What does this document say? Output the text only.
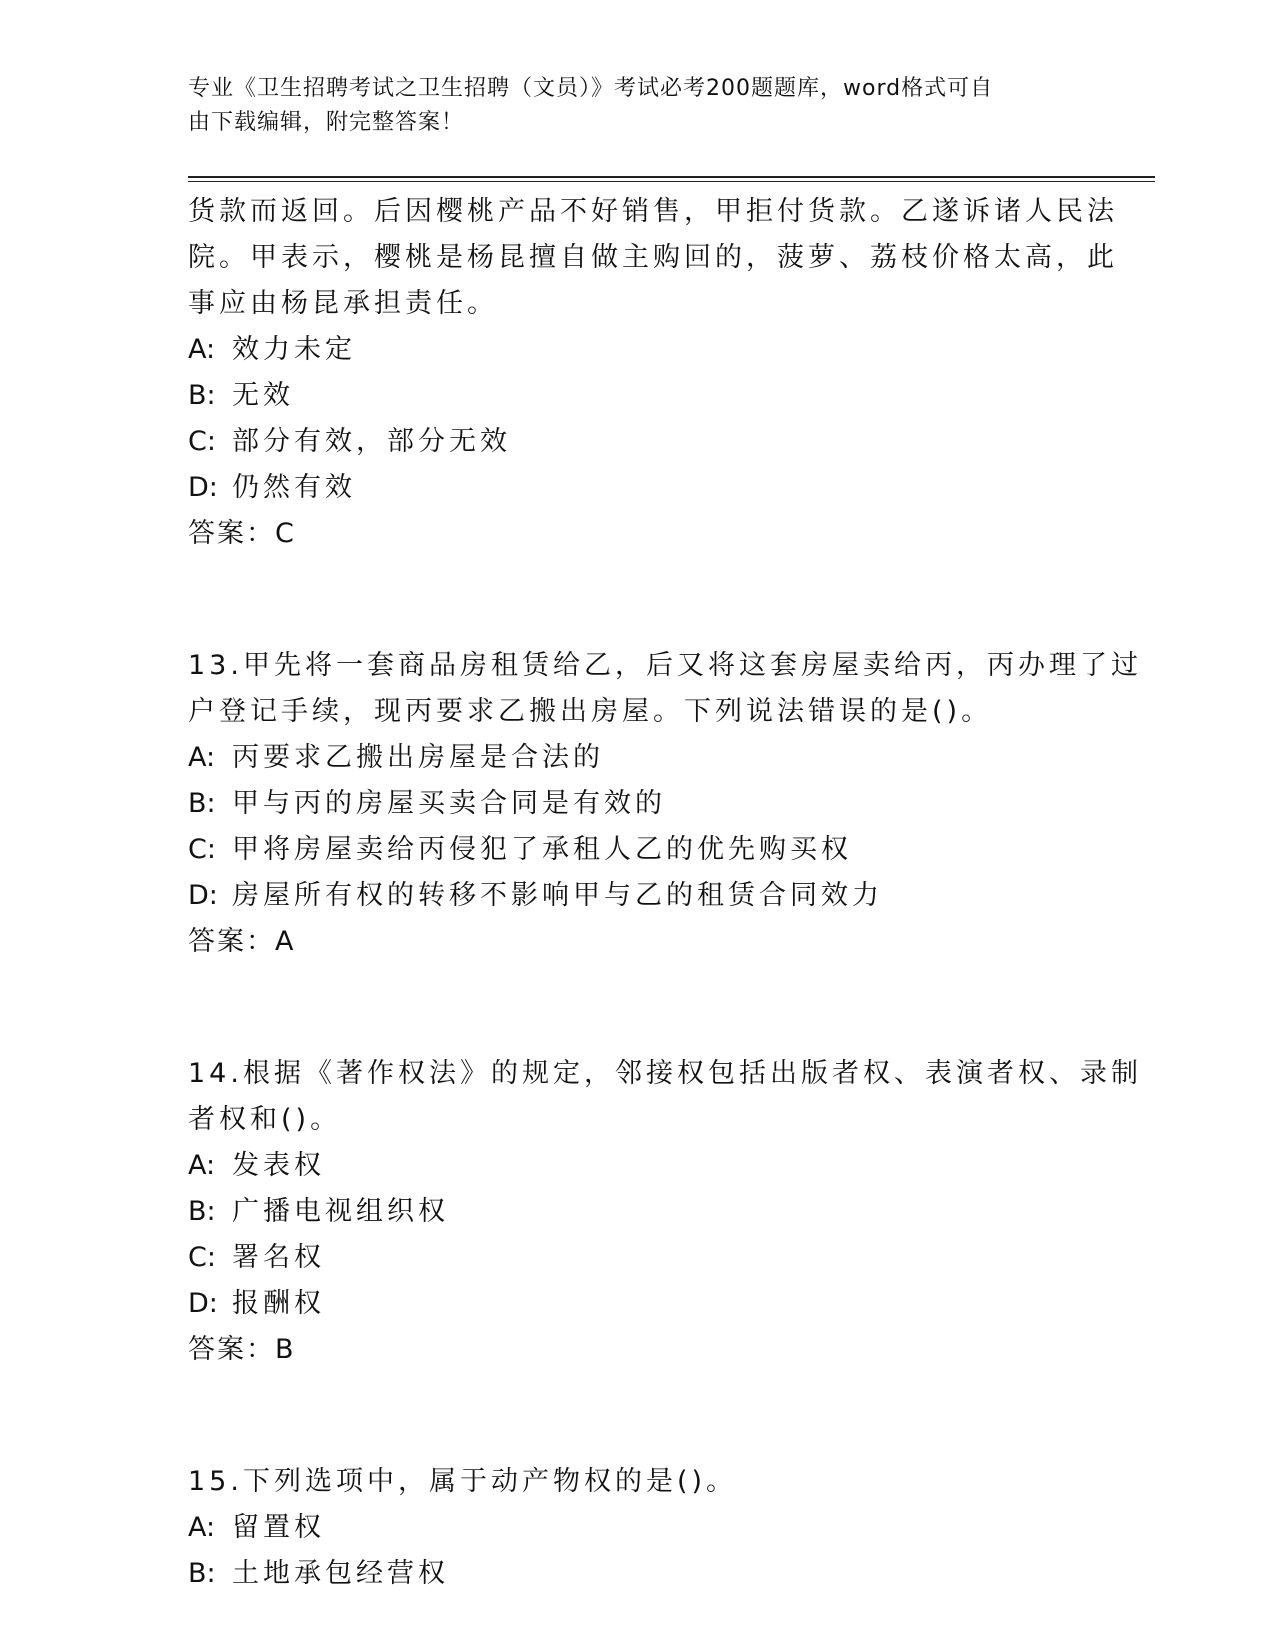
专业《卫生招聘考试之卫生招聘（文员）》考试必考200题题库，word格式可自
由下载编辑，附完整答案！
货款而返回。后因樱桃产品不好销售，甲拒付货款。乙遂诉诸人民法
院。甲表示，樱桃是杨昆擅自做主购回的，菠萝、荔枝价格太高，此
事应由杨昆承担责任。
A: 效力未定
B: 无效
C: 部分有效，部分无效
D: 仍然有效
答案：C
13.甲先将一套商品房租赁给乙，后又将这套房屋卖给丙，丙办理了过
户登记手续，现丙要求乙搬出房屋。下列说法错误的是()。
A: 丙要求乙搬出房屋是合法的
B: 甲与丙的房屋买卖合同是有效的
C: 甲将房屋卖给丙侵犯了承租人乙的优先购买权
D: 房屋所有权的转移不影响甲与乙的租赁合同效力
答案：A
14.根据《著作权法》的规定，邻接权包括出版者权、表演者权、录制
者权和()。
A: 发表权
B: 广播电视组织权
C: 署名权
D: 报酬权
答案：B
15.下列选项中，属于动产物权的是()。
A: 留置权
B: 土地承包经营权
